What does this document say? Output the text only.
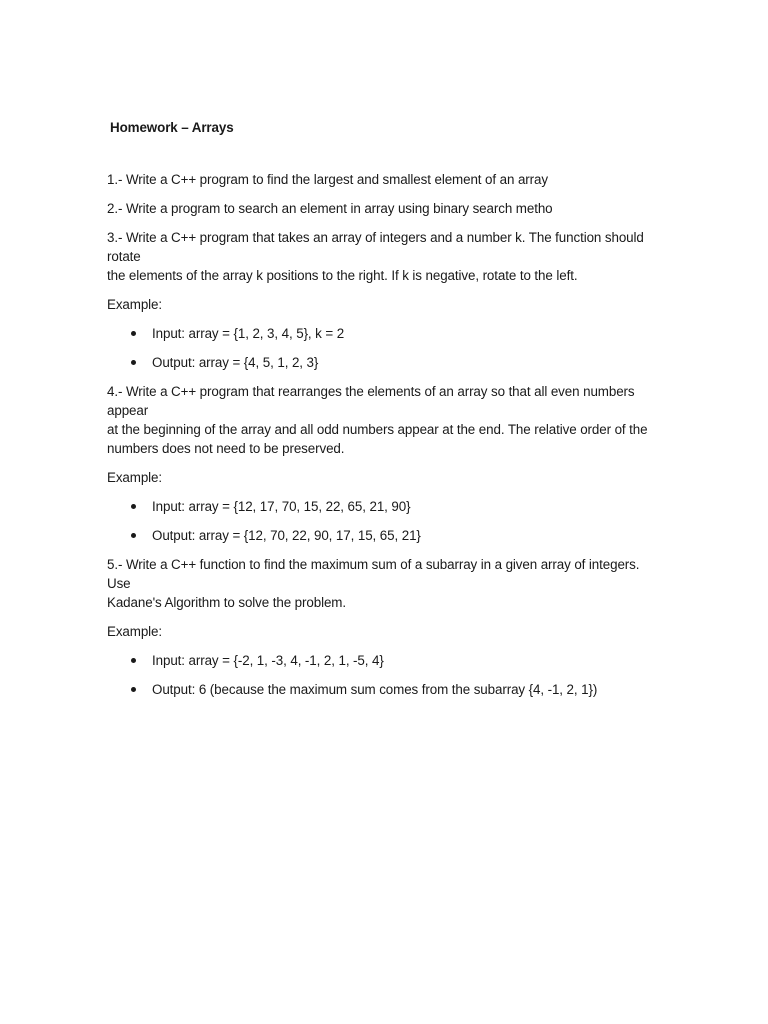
Homework – Arrays
1.- Write a C++ program to find the largest and smallest element of an array
2.- Write a program to search an element in array using binary search metho
3.- Write a C++ program that takes an array of integers and a number k. The function should rotate
the elements of the array k positions to the right. If k is negative, rotate to the left.
Example:
Input: array = {1, 2, 3, 4, 5}, k = 2
Output: array = {4, 5, 1, 2, 3}
4.- Write a C++ program that rearranges the elements of an array so that all even numbers appear
at the beginning of the array and all odd numbers appear at the end. The relative order of the
numbers does not need to be preserved.
Example:
Input: array = {12, 17, 70, 15, 22, 65, 21, 90}
Output: array = {12, 70, 22, 90, 17, 15, 65, 21}
5.- Write a C++ function to find the maximum sum of a subarray in a given array of integers. Use
Kadane's Algorithm to solve the problem.
Example:
Input: array = {-2, 1, -3, 4, -1, 2, 1, -5, 4}
Output: 6 (because the maximum sum comes from the subarray {4, -1, 2, 1})
